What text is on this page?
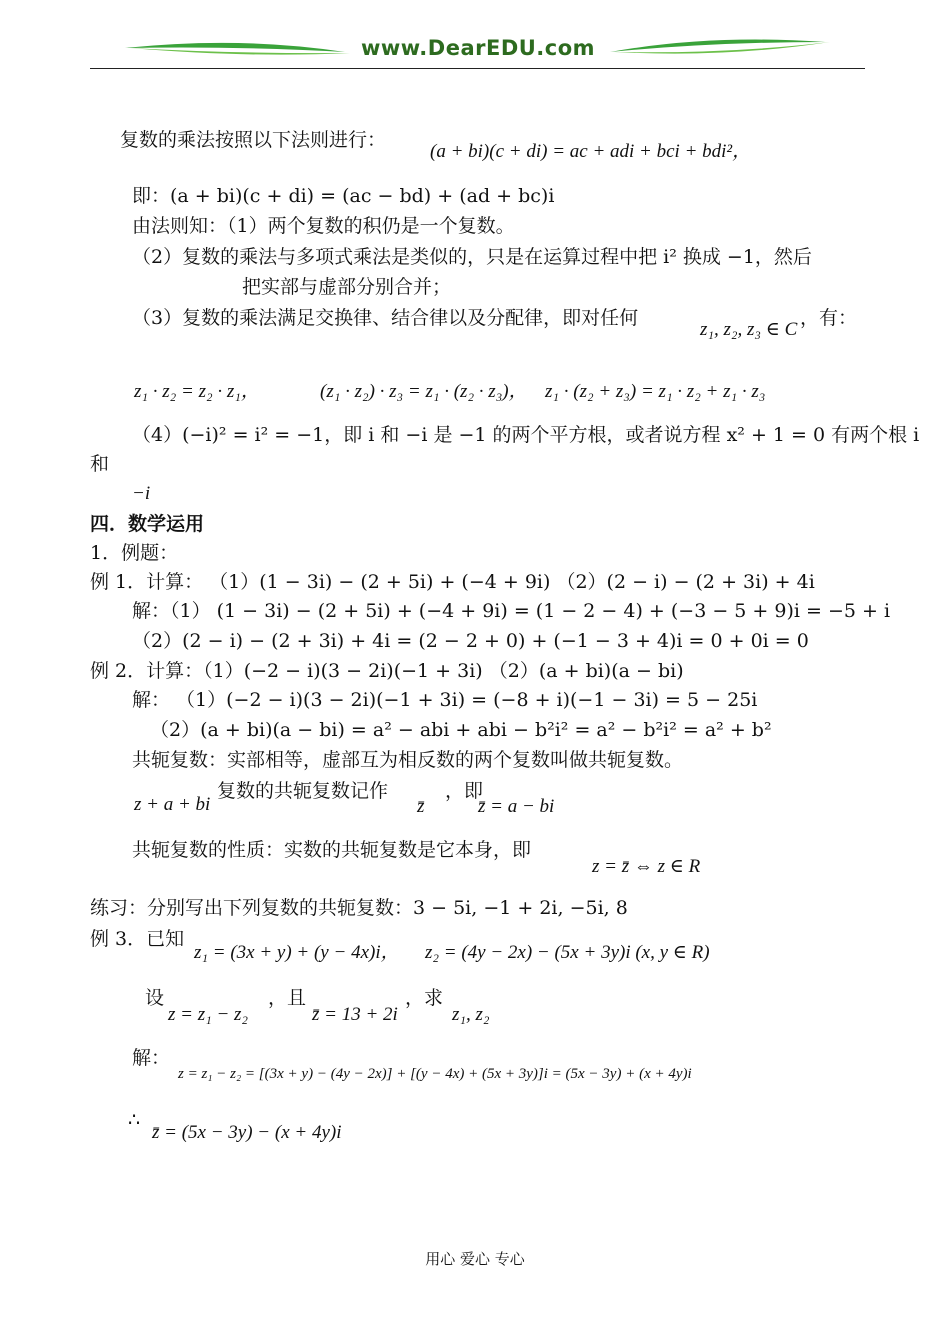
www.DearEDU.com
复数的乘法按照以下法则进行：
(a + bi)(c + di) = ac + adi + bci + bdi²，
即：(a + bi)(c + di) = (ac − bd) + (ad + bc)i
由法则知：（1）两个复数的积仍是一个复数。
（2）复数的乘法与多项式乘法是类似的，只是在运算过程中把 i² 换成 −1，然后
把实部与虚部分别合并；
（3）复数的乘法满足交换律、结合律以及分配律，即对任何
z₁, z₂, z₃ ∈ C
，有：
z₁ · z₂ = z₂ · z₁，	(z₁ · z₂) · z₃ = z₁ · (z₂ · z₃)， z₁ · (z₂ + z₃) = z₁ · z₂ + z₁ · z₃
（4）(−i)² = i² = −1，即 i 和 −i 是 −1 的两个平方根，或者说方程 x² + 1 = 0 有两个根 i
和
−i
四．数学运用
1．例题：
例 1．计算： （1）(1 − 3i) − (2 + 5i) + (−4 + 9i) （2）(2 − i) − (2 + 3i) + 4i
解：（1） (1 − 3i) − (2 + 5i) + (−4 + 9i) = (1 − 2 − 4) + (−3 − 5 + 9)i = −5 + i
（2）(2 − i) − (2 + 3i) + 4i = (2 − 2 + 0) + (−1 − 3 + 4)i = 0 + 0i = 0
例 2．计算：（1）(−2 − i)(3 − 2i)(−1 + 3i) （2）(a + bi)(a − bi)
解： （1）(−2 − i)(3 − 2i)(−1 + 3i) = (−8 + i)(−1 − 3i) = 5 − 25i
（2）(a + bi)(a − bi) = a² − abi + abi − b²i² = a² − b²i² = a² + b²
共轭复数：实部相等，虚部互为相反数的两个复数叫做共轭复数。
z + a + bi
复数的共轭复数记作
z̄
，即
z̄ = a − bi
共轭复数的性质：实数的共轭复数是它本身，即
z = z̄ ⇔ z ∈ R
练习：分别写出下列复数的共轭复数：3 − 5i, −1 + 2i, −5i, 8
例 3．已知
z₁ = (3x + y) + (y − 4x)i， z₂ = (4y − 2x) − (5x + 3y)i (x, y ∈ R)
设
z = z₁ − z₂
，且
z̄ = 13 + 2i
，求
z₁, z₂
解：
z = z₁ − z₂ = [(3x + y) − (4y − 2x)] + [(y − 4x) + (5x + 3y)]i = (5x − 3y) + (x + 4y)i
∴
z̄ = (5x − 3y) − (x + 4y)i
用心 爱心 专心
